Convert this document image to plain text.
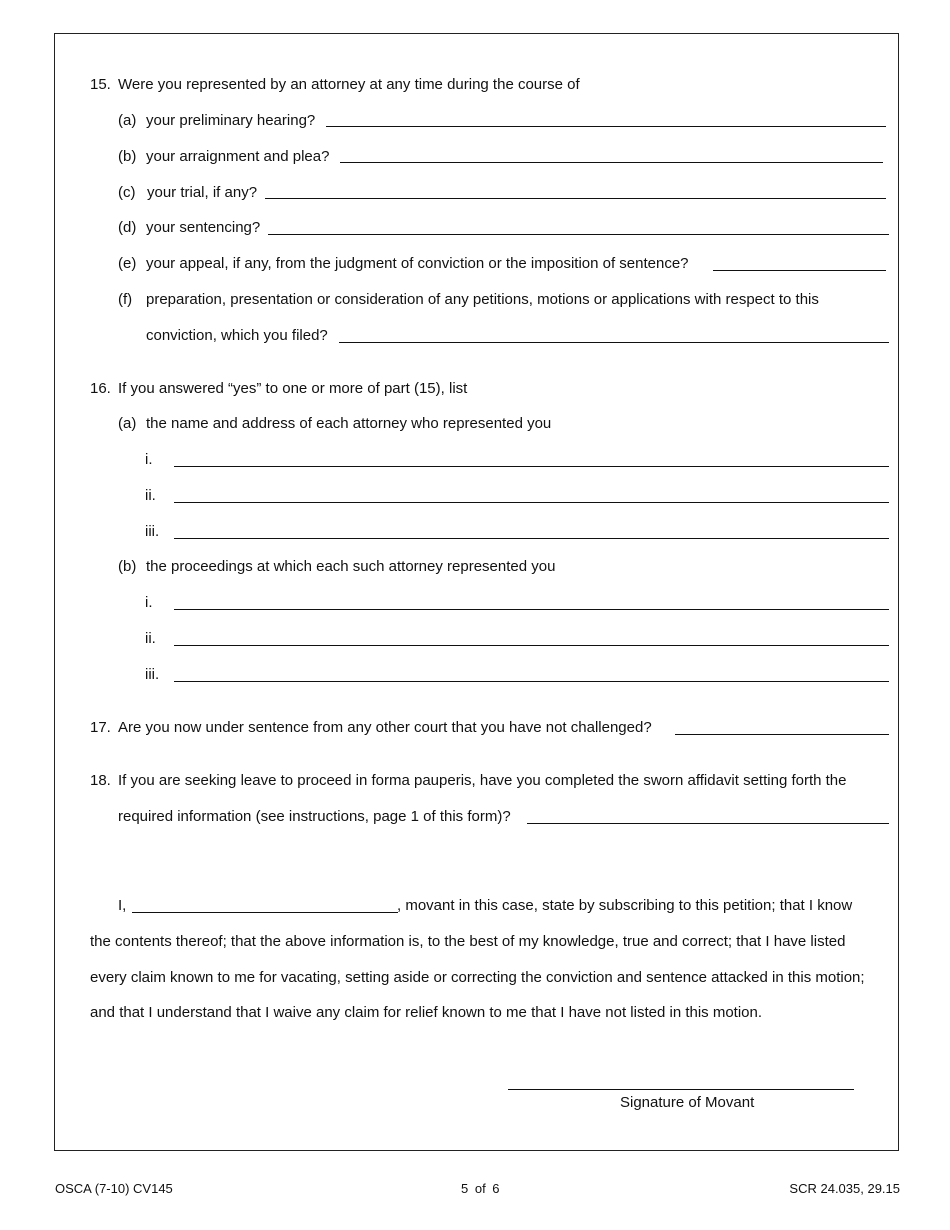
15. Were you represented by an attorney at any time during the course of
(a) your preliminary hearing?
(b) your arraignment and plea?
(c) your trial, if any?
(d) your sentencing?
(e) your appeal, if any, from the judgment of conviction or the imposition of sentence?
(f) preparation, presentation or consideration of any petitions, motions or applications with respect to this
conviction, which you filed?
16. If you answered “yes” to one or more of part (15), list
(a) the name and address of each attorney who represented you
i.
ii.
iii.
(b) the proceedings at which each such attorney represented you
i.
ii.
iii.
17. Are you now under sentence from any other court that you have not challenged?
18. If you are seeking leave to proceed in forma pauperis, have you completed the sworn affidavit setting forth the
required information (see instructions, page 1 of this form)?
I,	, movant in this case, state by subscribing to this petition; that I know
the contents thereof; that the above information is, to the best of my knowledge, true and correct; that I have listed
every claim known to me for vacating, setting aside or correcting the conviction and sentence attacked in this motion;
and that I understand that I waive any claim for relief known to me that I have not listed in this motion.
Signature of Movant
OSCA (7-10) CV145	5 of 6	SCR 24.035, 29.15
